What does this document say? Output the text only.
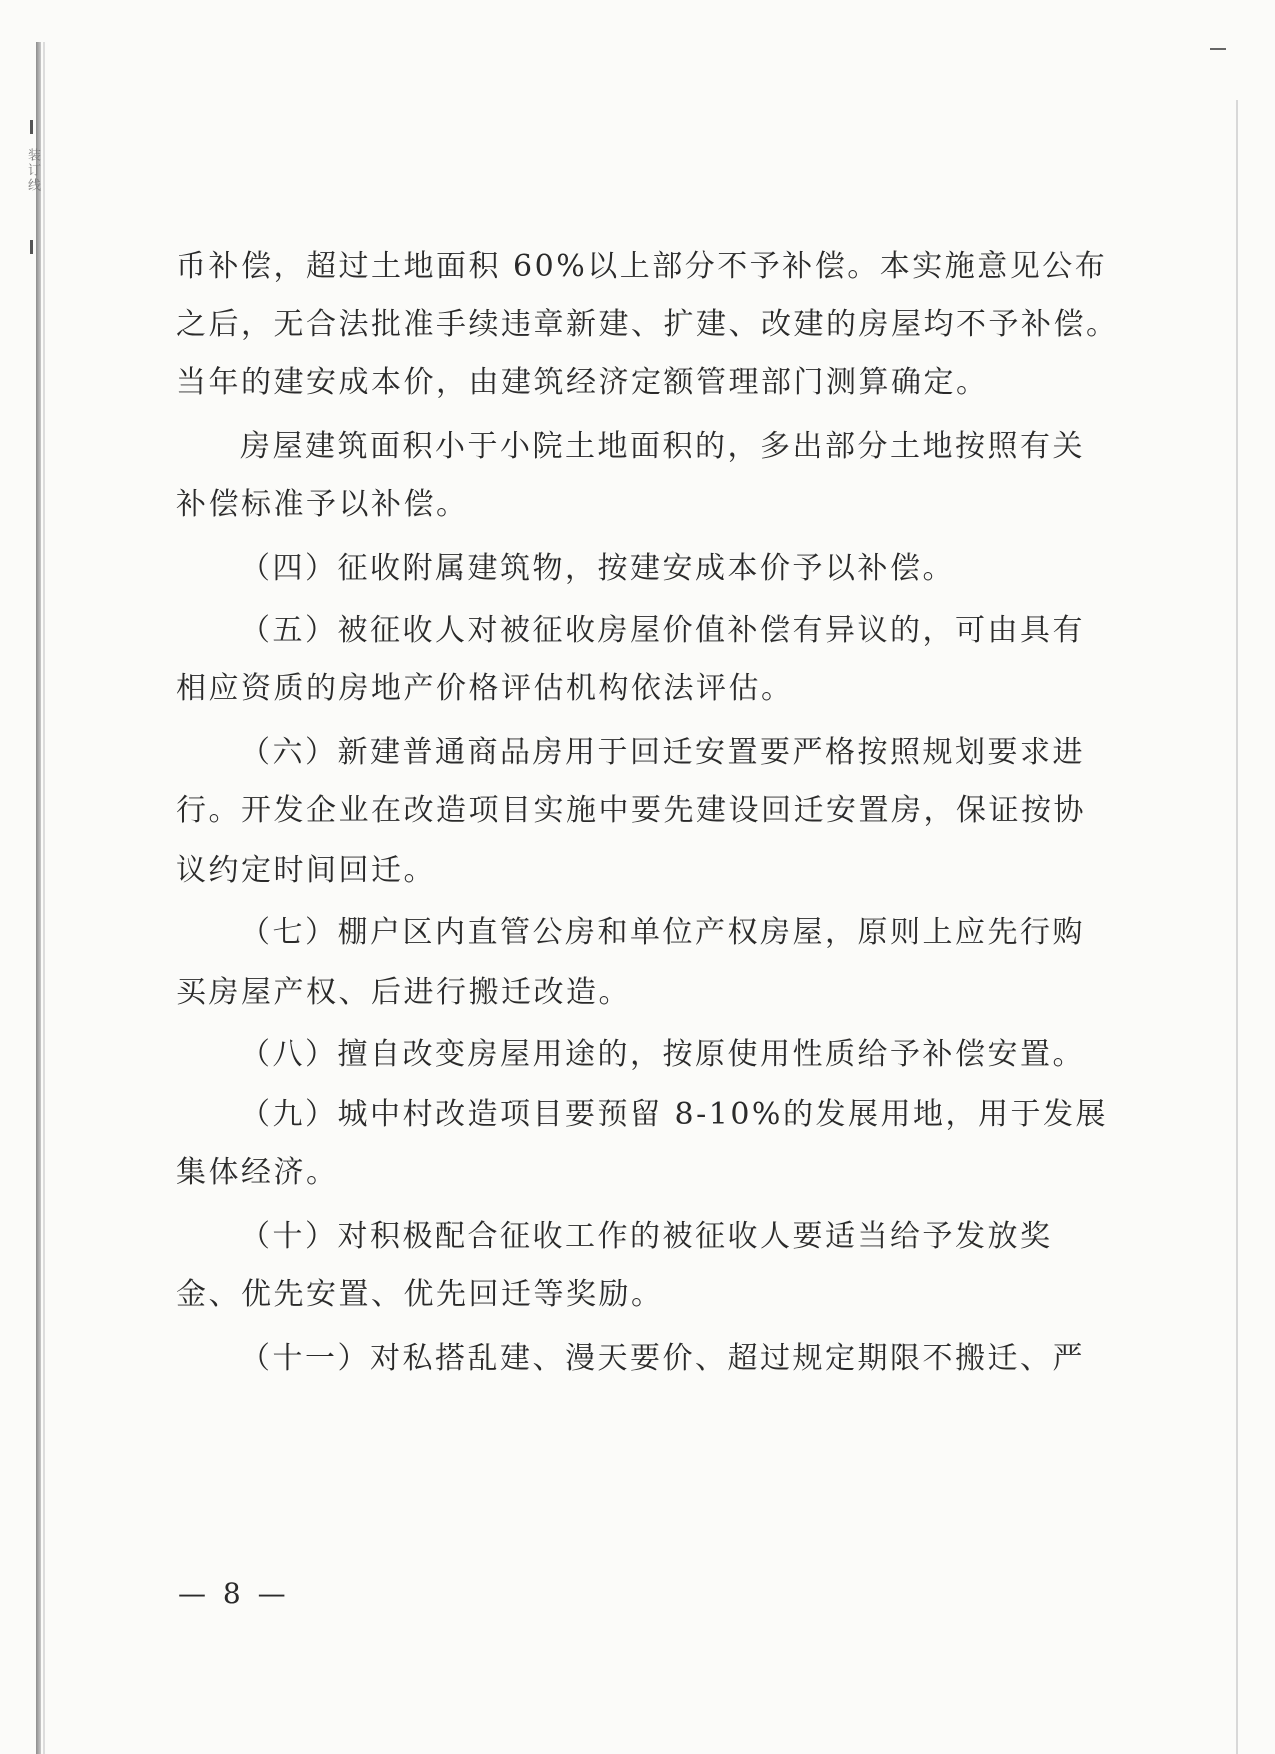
装订线
币补偿，超过土地面积 60%以上部分不予补偿。本实施意见公布
之后，无合法批准手续违章新建、扩建、改建的房屋均不予补偿。
当年的建安成本价，由建筑经济定额管理部门测算确定。
房屋建筑面积小于小院土地面积的，多出部分土地按照有关
补偿标准予以补偿。
（四）征收附属建筑物，按建安成本价予以补偿。
（五）被征收人对被征收房屋价值补偿有异议的，可由具有
相应资质的房地产价格评估机构依法评估。
（六）新建普通商品房用于回迁安置要严格按照规划要求进
行。开发企业在改造项目实施中要先建设回迁安置房，保证按协
议约定时间回迁。
（七）棚户区内直管公房和单位产权房屋，原则上应先行购
买房屋产权、后进行搬迁改造。
（八）擅自改变房屋用途的，按原使用性质给予补偿安置。
（九）城中村改造项目要预留 8-10%的发展用地，用于发展
集体经济。
（十）对积极配合征收工作的被征收人要适当给予发放奖
金、优先安置、优先回迁等奖励。
（十一）对私搭乱建、漫天要价、超过规定期限不搬迁、严
— 8 —
